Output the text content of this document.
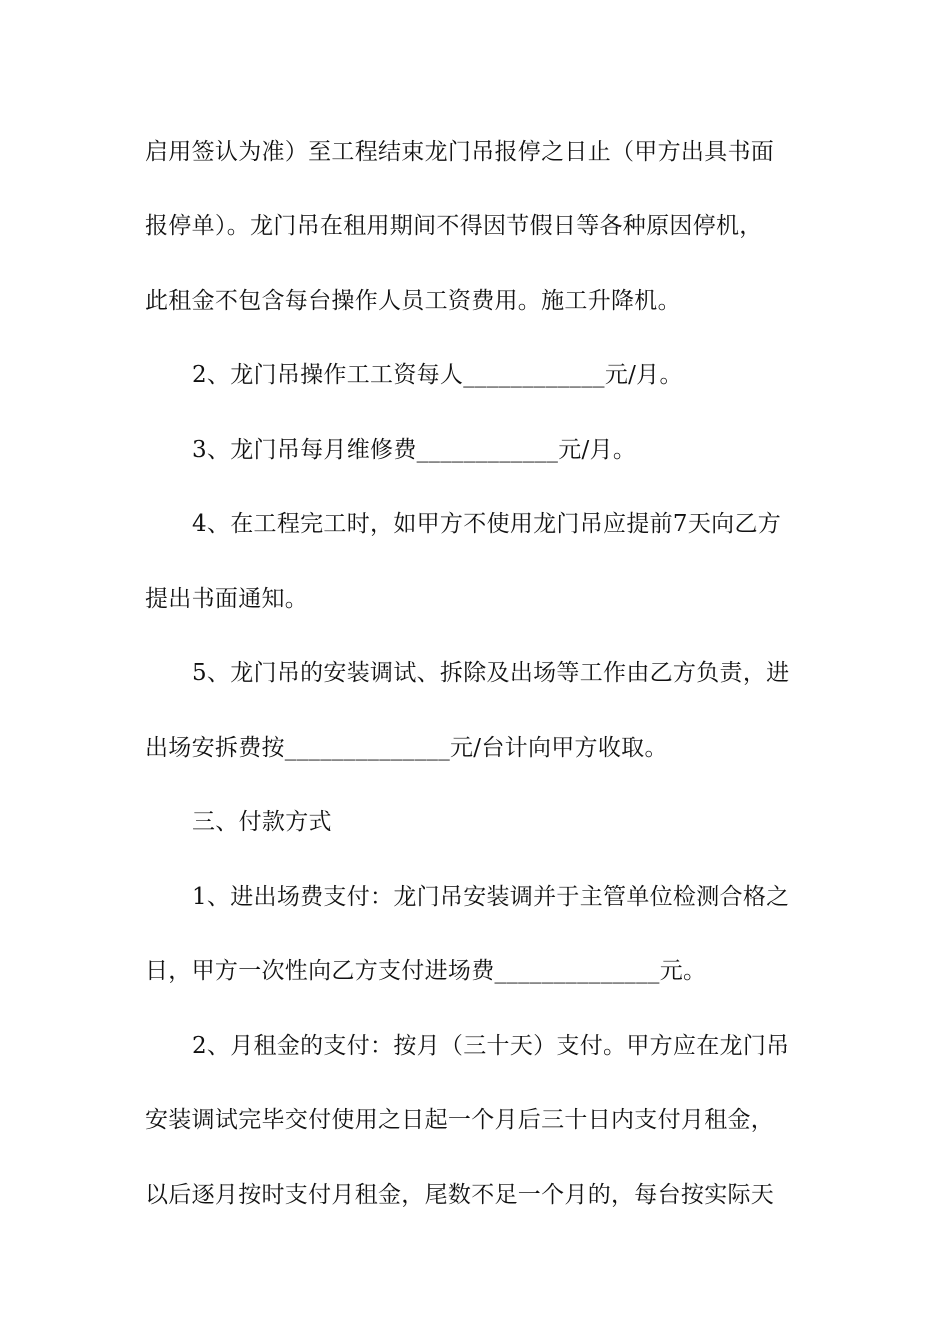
启用签认为准）至工程结束龙门吊报停之日止（甲方出具书面
报停单）。龙门吊在租用期间不得因节假日等各种原因停机，
此租金不包含每台操作人员工资费用。施工升降机。
2、龙门吊操作工工资每人____________元/月。
3、龙门吊每月维修费____________元/月。
4、在工程完工时，如甲方不使用龙门吊应提前7天向乙方
提出书面通知。
5、龙门吊的安装调试、拆除及出场等工作由乙方负责，进
出场安拆费按______________元/台计向甲方收取。
三、付款方式
1、进出场费支付：龙门吊安装调并于主管单位检测合格之
日，甲方一次性向乙方支付进场费______________元。
2、月租金的支付：按月（三十天）支付。甲方应在龙门吊
安装调试完毕交付使用之日起一个月后三十日内支付月租金，
以后逐月按时支付月租金，尾数不足一个月的，每台按实际天
